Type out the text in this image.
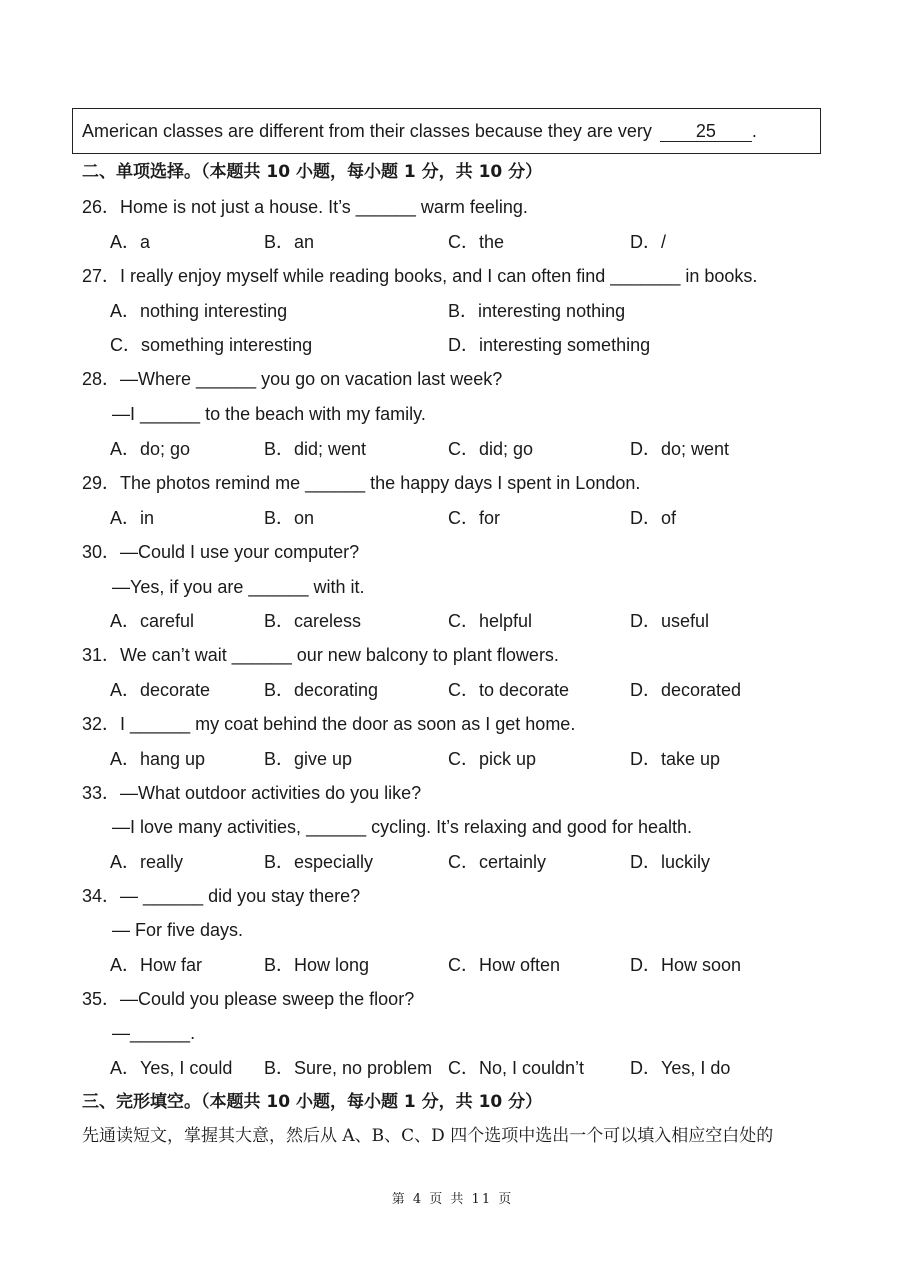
American classes are different from their classes because they are very 25 .
二、单项选择。（本题共 10 小题，每小题 1 分，共 10 分）
26．Home is not just a house. It’s ______ warm feeling.
A．a	B．an	C．the	D．/
27．I really enjoy myself while reading books, and I can often find _______ in books.
A．nothing interesting	B．interesting nothing
C．something interesting	D．interesting something
28．—Where ______ you go on vacation last week?
—I ______ to the beach with my family.
A．do; go	B．did; went	C．did; go	D．do; went
29．The photos remind me ______ the happy days I spent in London.
A．in	B．on	C．for	D．of
30．—Could I use your computer?
—Yes, if you are ______ with it.
A．careful	B．careless	C．helpful	D．useful
31．We can’t wait ______ our new balcony to plant flowers.
A．decorate	B．decorating	C．to decorate	D．decorated
32．I ______ my coat behind the door as soon as I get home.
A．hang up	B．give up	C．pick up	D．take up
33．—What outdoor activities do you like?
—I love many activities, ______ cycling. It’s relaxing and good for health.
A．really	B．especially	C．certainly	D．luckily
34．— ______ did you stay there?
— For five days.
A．How far	B．How long	C．How often	D．How soon
35．—Could you please sweep the floor?
—______.
A．Yes, I could B．Sure, no problem C．No, I couldn’t	D．Yes, I do
三、完形填空。（本题共 10 小题，每小题 1 分，共 10 分）
先通读短文，掌握其大意，然后从 A、B、C、D 四个选项中选出一个可以填入相应空白处的
第 4 页 共 11 页
